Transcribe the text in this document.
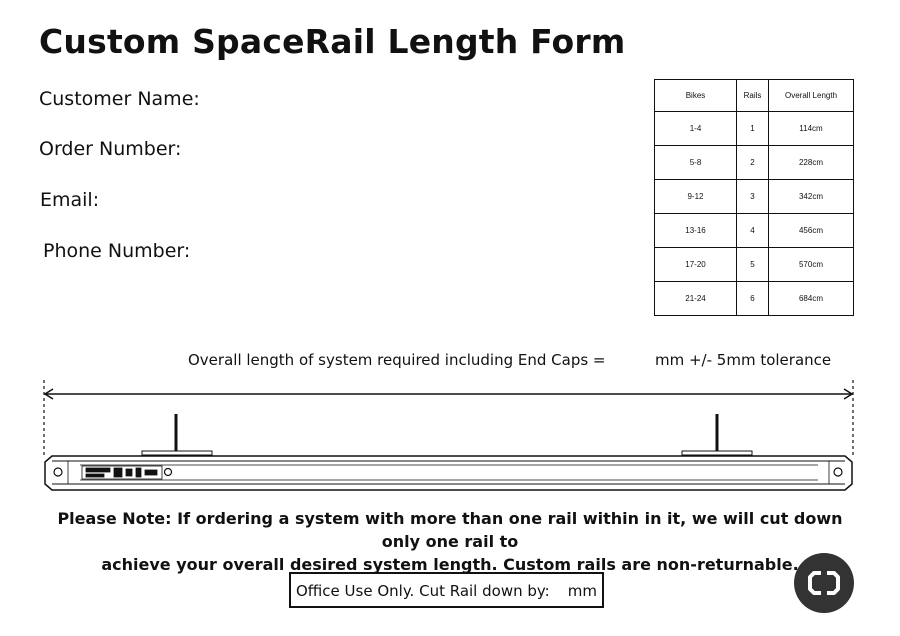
Custom SpaceRail Length Form
Customer Name:
Order Number:
Email:
Phone Number:
Bikes	Rails	Overall Length
1-4	1	114cm
5-8	2	228cm
9-12	3	342cm
13-16	4	456cm
17-20	5	570cm
21-24	6	684cm
Overall length of system required including End Caps =	mm +/- 5mm tolerance
Please Note: If ordering a system with more than one rail within in it, we will cut down only one rail to
achieve your overall desired system length. Custom rails are non-returnable.
Office Use Only. Cut Rail down by: mm
